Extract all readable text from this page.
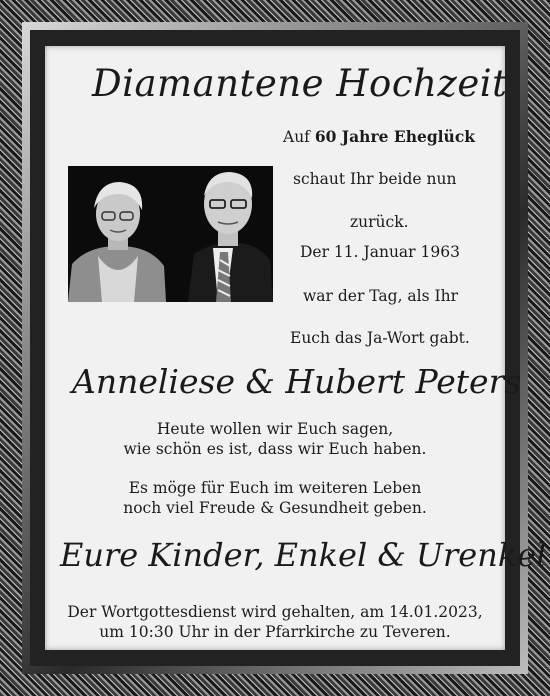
Diamantene Hochzeit
Auf 60 Jahre Eheglück
schaut Ihr beide nun
zurück.
Der 11. Januar 1963
war der Tag, als Ihr
Euch das Ja-Wort gabt.
Anneliese & Hubert Peters
Heute wollen wir Euch sagen,
wie schön es ist, dass wir Euch haben.
Es möge für Euch im weiteren Leben
noch viel Freude & Gesundheit geben.
Eure Kinder, Enkel & Urenkel
Der Wortgottesdienst wird gehalten, am 14.01.2023,
um 10:30 Uhr in der Pfarrkirche zu Teveren.
